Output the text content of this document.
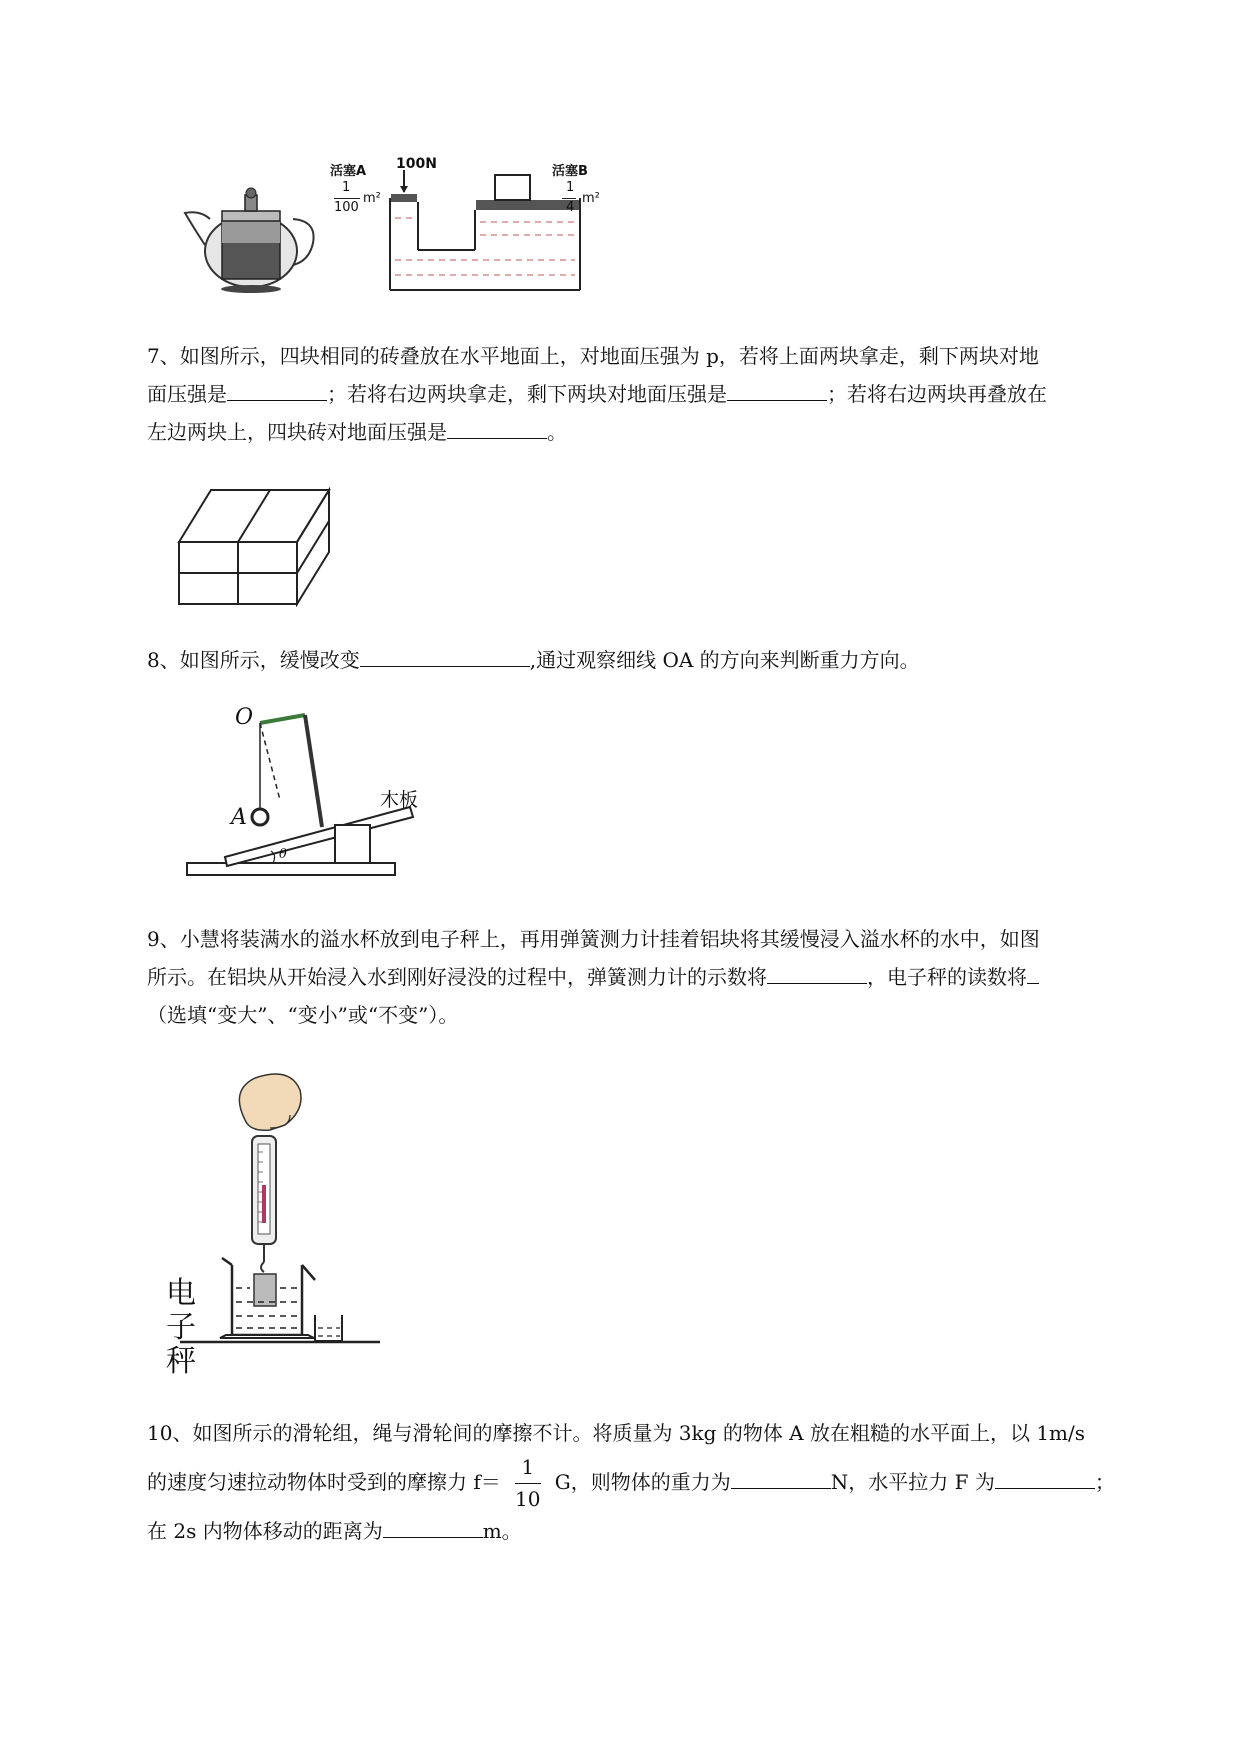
100N
活塞A
1
100
m²
活塞B
1
4
m²
7、如图所示，四块相同的砖叠放在水平地面上，对地面压强为 p，若将上面两块拿走，剩下两块对地
面压强是	；若将右边两块拿走，剩下两块对地面压强是	；若将右边两块再叠放在
左边两块上，四块砖对地面压强是	。
8、如图所示，缓慢改变	,通过观察细线 OA 的方向来判断重力方向。
O
A
木板
θ
9、小慧将装满水的溢水杯放到电子秤上，再用弹簧测力计挂着铝块将其缓慢浸入溢水杯的水中，如图
所示。在铝块从开始浸入水到刚好浸没的过程中，弹簧测力计的示数将	，电子秤的读数将
（选填“变大”、“变小”或“不变”）。
电
子
秤
10、如图所示的滑轮组，绳与滑轮间的摩擦不计。将质量为 3kg 的物体 A 放在粗糙的水平面上，以 1m/s
的速度匀速拉动物体时受到的摩擦力 $f= \frac{1}{10}$ G，则物体的重力为	N，水平拉力 F 为	；
在 2s 内物体移动的距离为	m。
